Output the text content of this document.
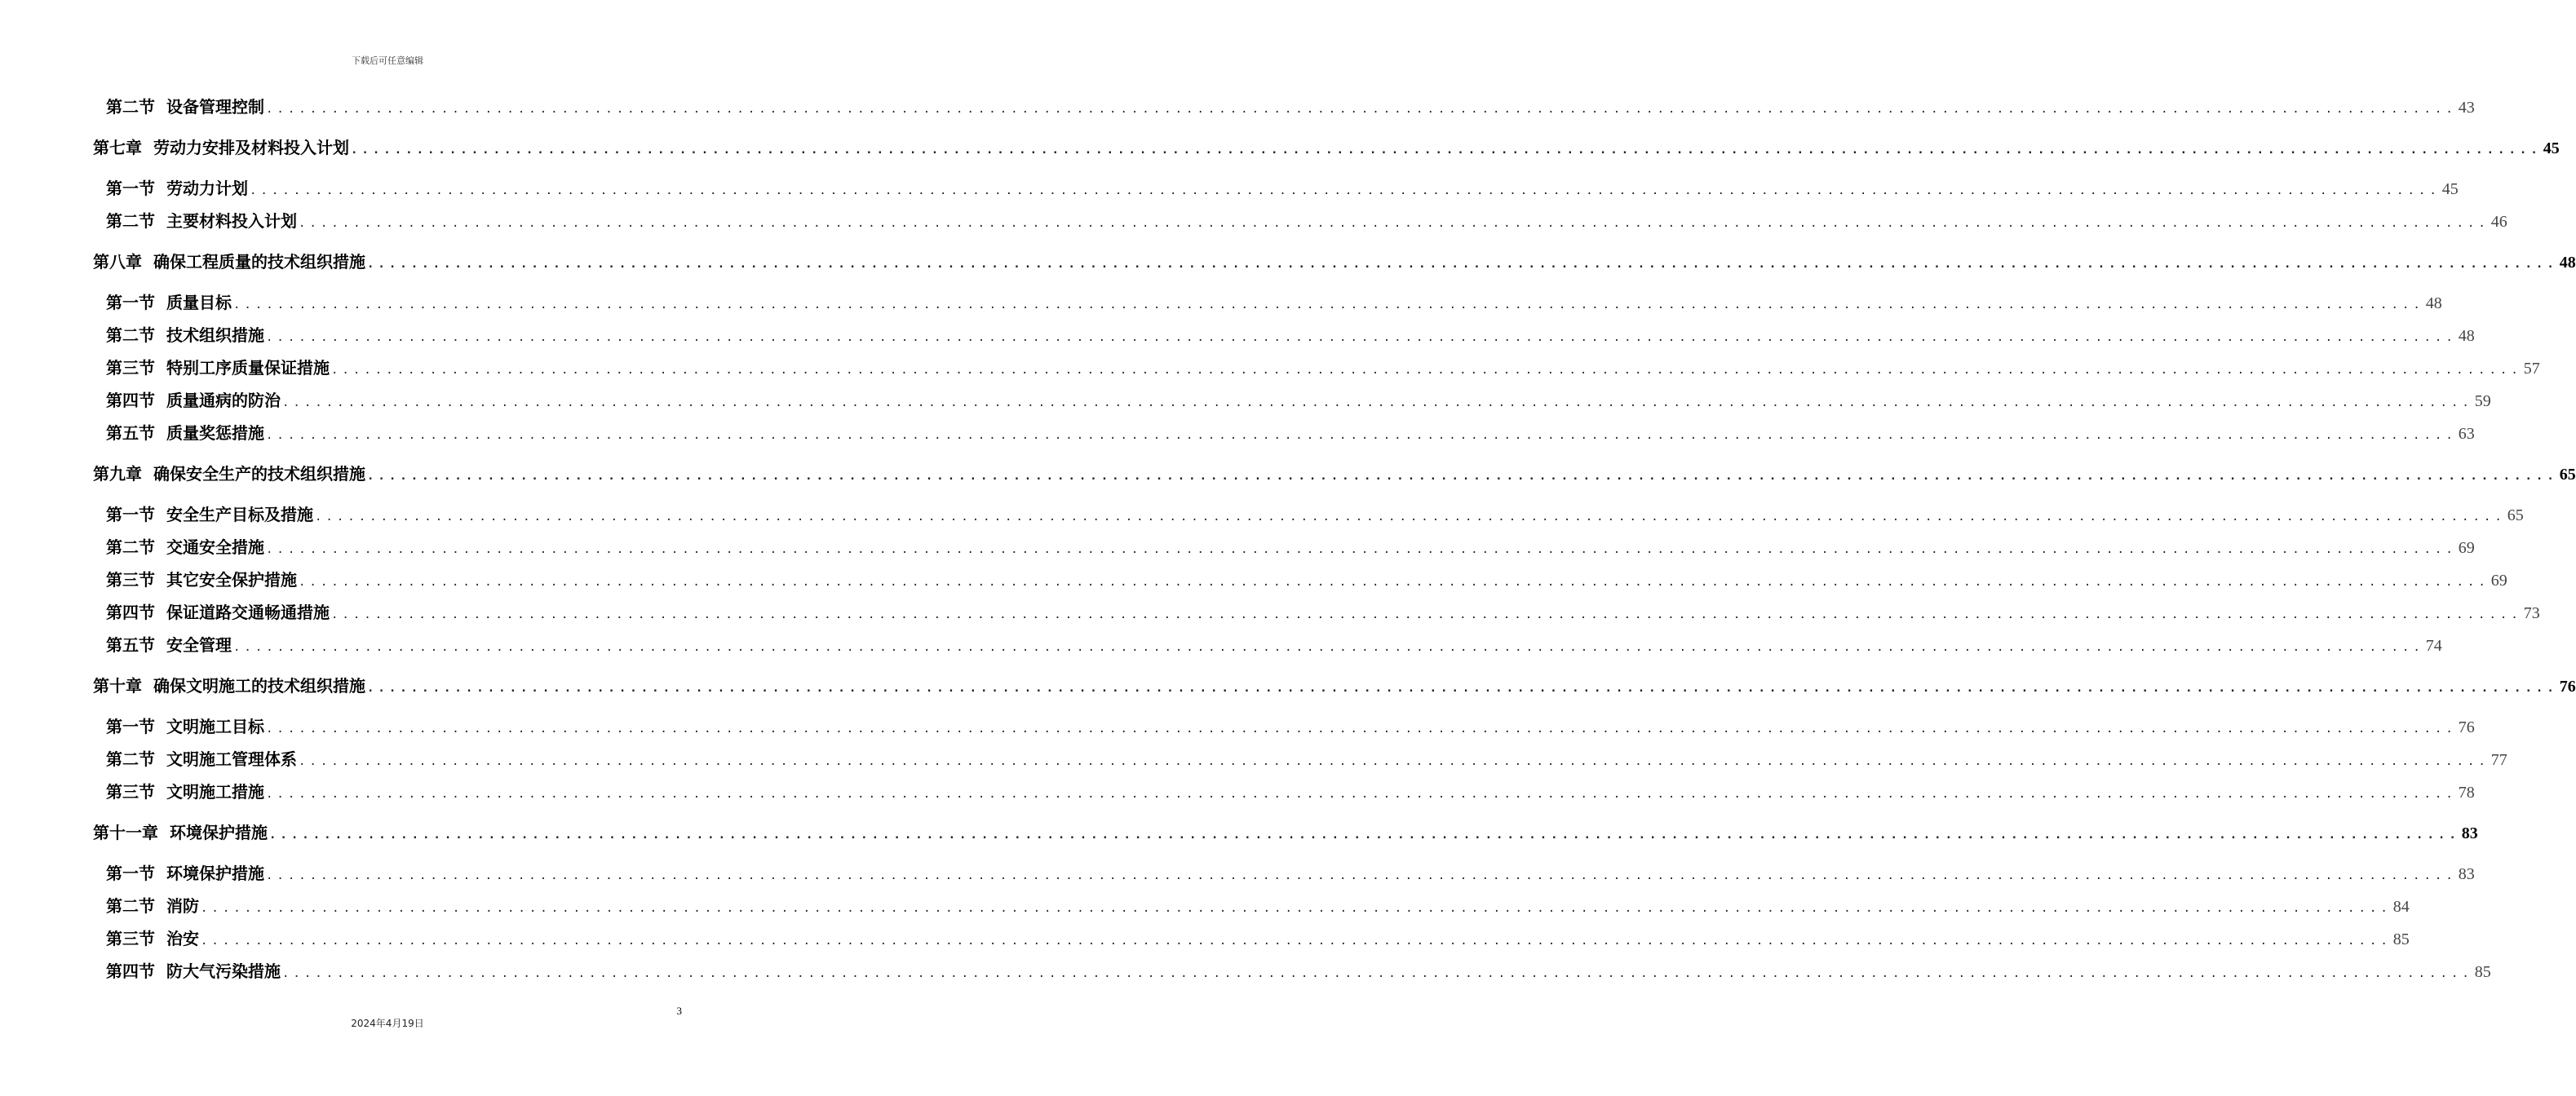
下载后可任意编辑
第二节 设备管理控制 ........................................................................................................................................................................................................ 43
第七章 劳动力安排及材料投入计划 ........................................................................................................................................................................................................ 45
第一节 劳动力计划 ........................................................................................................................................................................................................ 45
第二节 主要材料投入计划 ........................................................................................................................................................................................................ 46
第八章 确保工程质量的技术组织措施 ........................................................................................................................................................................................................ 48
第一节 质量目标 ........................................................................................................................................................................................................ 48
第二节 技术组织措施 ........................................................................................................................................................................................................ 48
第三节 特别工序质量保证措施 ........................................................................................................................................................................................................ 57
第四节 质量通病的防治 ........................................................................................................................................................................................................ 59
第五节 质量奖惩措施 ........................................................................................................................................................................................................ 63
第九章 确保安全生产的技术组织措施 ........................................................................................................................................................................................................ 65
第一节 安全生产目标及措施 ........................................................................................................................................................................................................ 65
第二节 交通安全措施 ........................................................................................................................................................................................................ 69
第三节 其它安全保护措施 ........................................................................................................................................................................................................ 69
第四节 保证道路交通畅通措施 ........................................................................................................................................................................................................ 73
第五节 安全管理 ........................................................................................................................................................................................................ 74
第十章 确保文明施工的技术组织措施 ........................................................................................................................................................................................................ 76
第一节 文明施工目标 ........................................................................................................................................................................................................ 76
第二节 文明施工管理体系 ........................................................................................................................................................................................................ 77
第三节 文明施工措施 ........................................................................................................................................................................................................ 78
第十一章 环境保护措施 ........................................................................................................................................................................................................ 83
第一节 环境保护措施 ........................................................................................................................................................................................................ 83
第二节 消防 ........................................................................................................................................................................................................ 84
第三节 治安 ........................................................................................................................................................................................................ 85
第四节 防大气污染措施 ........................................................................................................................................................................................................ 85
3
2024年4月19日
